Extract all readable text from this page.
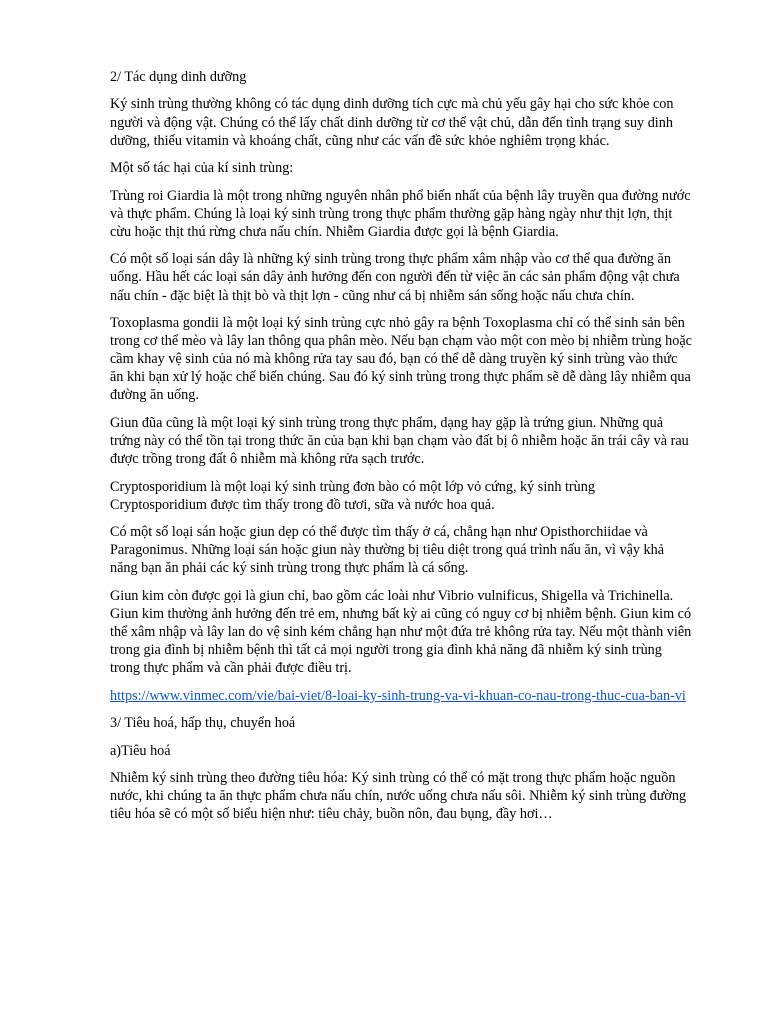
2/ Tác dụng dinh dưỡng

Ký sinh trùng thường không có tác dụng dinh dưỡng tích cực mà chủ yếu gây hại cho sức khỏe con người và động vật. Chúng có thể lấy chất dinh dưỡng từ cơ thể vật chủ, dẫn đến tình trạng suy dinh dưỡng, thiếu vitamin và khoáng chất, cũng như các vấn đề sức khỏe nghiêm trọng khác.

Một số tác hại của kí sinh trùng:

Trùng roi Giardia là một trong những nguyên nhân phổ biến nhất của bệnh lây truyền qua đường nước và thực phẩm. Chúng là loại ký sinh trùng trong thực phẩm thường gặp hàng ngày như thịt lợn, thịt cừu hoặc thịt thú rừng chưa nấu chín. Nhiễm Giardia được gọi là bệnh Giardia.

Có một số loại sán dây là những ký sinh trùng trong thực phẩm xâm nhập vào cơ thể qua đường ăn uống. Hầu hết các loại sán dây ảnh hưởng đến con người đến từ việc ăn các sản phẩm động vật chưa nấu chín - đặc biệt là thịt bò và thịt lợn - cũng như cá bị nhiễm sán sống hoặc nấu chưa chín.

Toxoplasma gondii là một loại ký sinh trùng cực nhỏ gây ra bệnh Toxoplasma chỉ có thể sinh sản bên trong cơ thể mèo và lây lan thông qua phân mèo. Nếu bạn chạm vào một con mèo bị nhiễm trùng hoặc cầm khay vệ sinh của nó mà không rửa tay sau đó, bạn có thể dễ dàng truyền ký sinh trùng vào thức ăn khi bạn xử lý hoặc chế biến chúng. Sau đó ký sinh trùng trong thực phẩm sẽ dễ dàng lây nhiễm qua đường ăn uống.

Giun đũa cũng là một loại ký sinh trùng trong thực phẩm, dạng hay gặp là trứng giun. Những quả trứng này có thể tồn tại trong thức ăn của bạn khi bạn chạm vào đất bị ô nhiễm hoặc ăn trái cây và rau được trồng trong đất ô nhiễm mà không rửa sạch trước.

Cryptosporidium là một loại ký sinh trùng đơn bào có một lớp vỏ cứng, ký sinh trùng Cryptosporidium được tìm thấy trong đồ tươi, sữa và nước hoa quả.

Có một số loại sán hoặc giun dẹp có thể được tìm thấy ở cá, chẳng hạn như Opisthorchiidae và Paragonimus. Những loại sán hoặc giun này thường bị tiêu diệt trong quá trình nấu ăn, vì vậy khả năng bạn ăn phải các ký sinh trùng trong thực phẩm là cá sống.

Giun kim còn được gọi là giun chỉ, bao gồm các loài như Vibrio vulnificus, Shigella và Trichinella. Giun kim thường ảnh hưởng đến trẻ em, nhưng bất kỳ ai cũng có nguy cơ bị nhiễm bệnh. Giun kim có thể xâm nhập và lây lan do vệ sinh kém chẳng hạn như một đứa trẻ không rửa tay. Nếu một thành viên trong gia đình bị nhiễm bệnh thì tất cả mọi người trong gia đình khả năng đã nhiễm ký sinh trùng trong thực phẩm và cần phải được điều trị.

https://www.vinmec.com/vie/bai-viet/8-loai-ky-sinh-trung-va-vi-khuan-co-nau-trong-thuc-cua-ban-vi

3/ Tiêu hoá, hấp thụ, chuyển hoá

a)Tiêu hoá

Nhiễm ký sinh trùng theo đường tiêu hóa: Ký sinh trùng có thể có mặt trong thực phẩm hoặc nguồn nước, khi chúng ta ăn thực phẩm chưa nấu chín, nước uống chưa nấu sôi. Nhiễm ký sinh trùng đường tiêu hóa sẽ có một số biểu hiện như: tiêu chảy, buồn nôn, đau bụng, đầy hơi…
